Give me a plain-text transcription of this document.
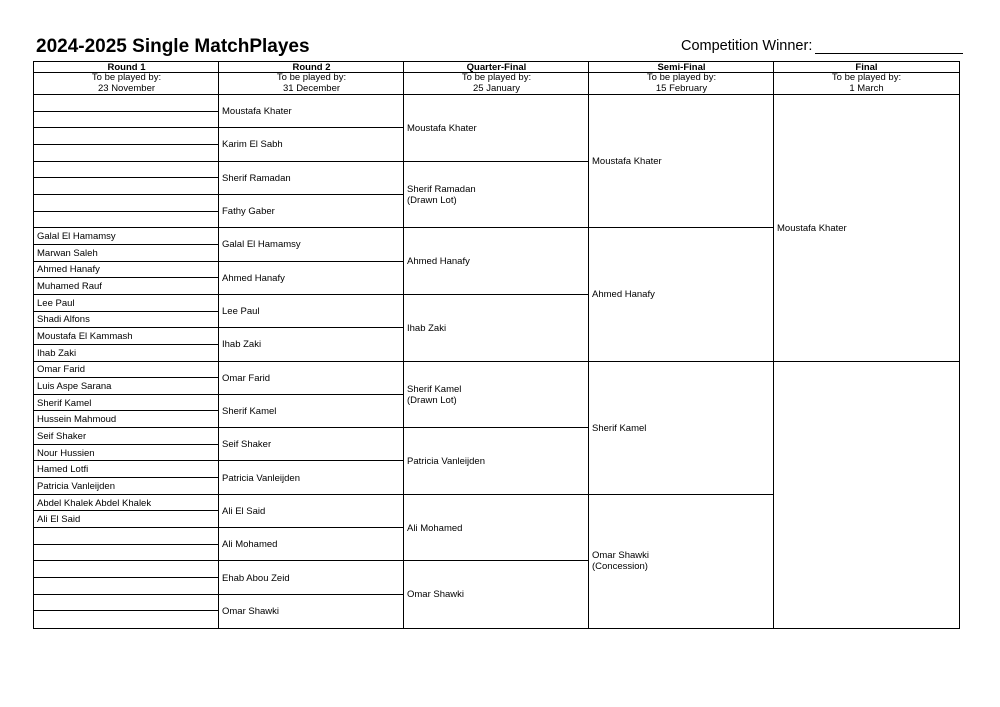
2024-2025 Single MatchPlayes	Competition Winner:
Round 1
To be played by:
23 November
Round 2
To be played by:
31 December
Quarter-Final
To be played by:
25 January
Semi-Final
To be played by:
15 February
Final
To be played by:
1 March
Galal El Hamamsy
Marwan Saleh
Ahmed Hanafy
Muhamed Rauf
Lee Paul
Shadi Alfons
Moustafa El Kammash
Ihab Zaki
Omar Farid
Luis Aspe Sarana
Sherif Kamel
Hussein Mahmoud
Seif Shaker
Nour Hussien
Hamed Lotfi
Patricia Vanleijden
Abdel Khalek Abdel Khalek
Ali El Said
Moustafa Khater
Karim El Sabh
Sherif Ramadan
Fathy Gaber
Galal El Hamamsy
Ahmed Hanafy
Lee Paul
Ihab Zaki
Omar Farid
Sherif Kamel
Seif Shaker
Patricia Vanleijden
Ali El Said
Ali Mohamed
Ehab Abou Zeid
Omar Shawki
Moustafa Khater
Sherif Ramadan
(Drawn Lot)
Ahmed Hanafy
Ihab Zaki
Sherif Kamel
(Drawn Lot)
Patricia Vanleijden
Ali Mohamed
Omar Shawki
Moustafa Khater
Ahmed Hanafy
Sherif Kamel
Omar Shawki
(Concession)
Moustafa Khater
